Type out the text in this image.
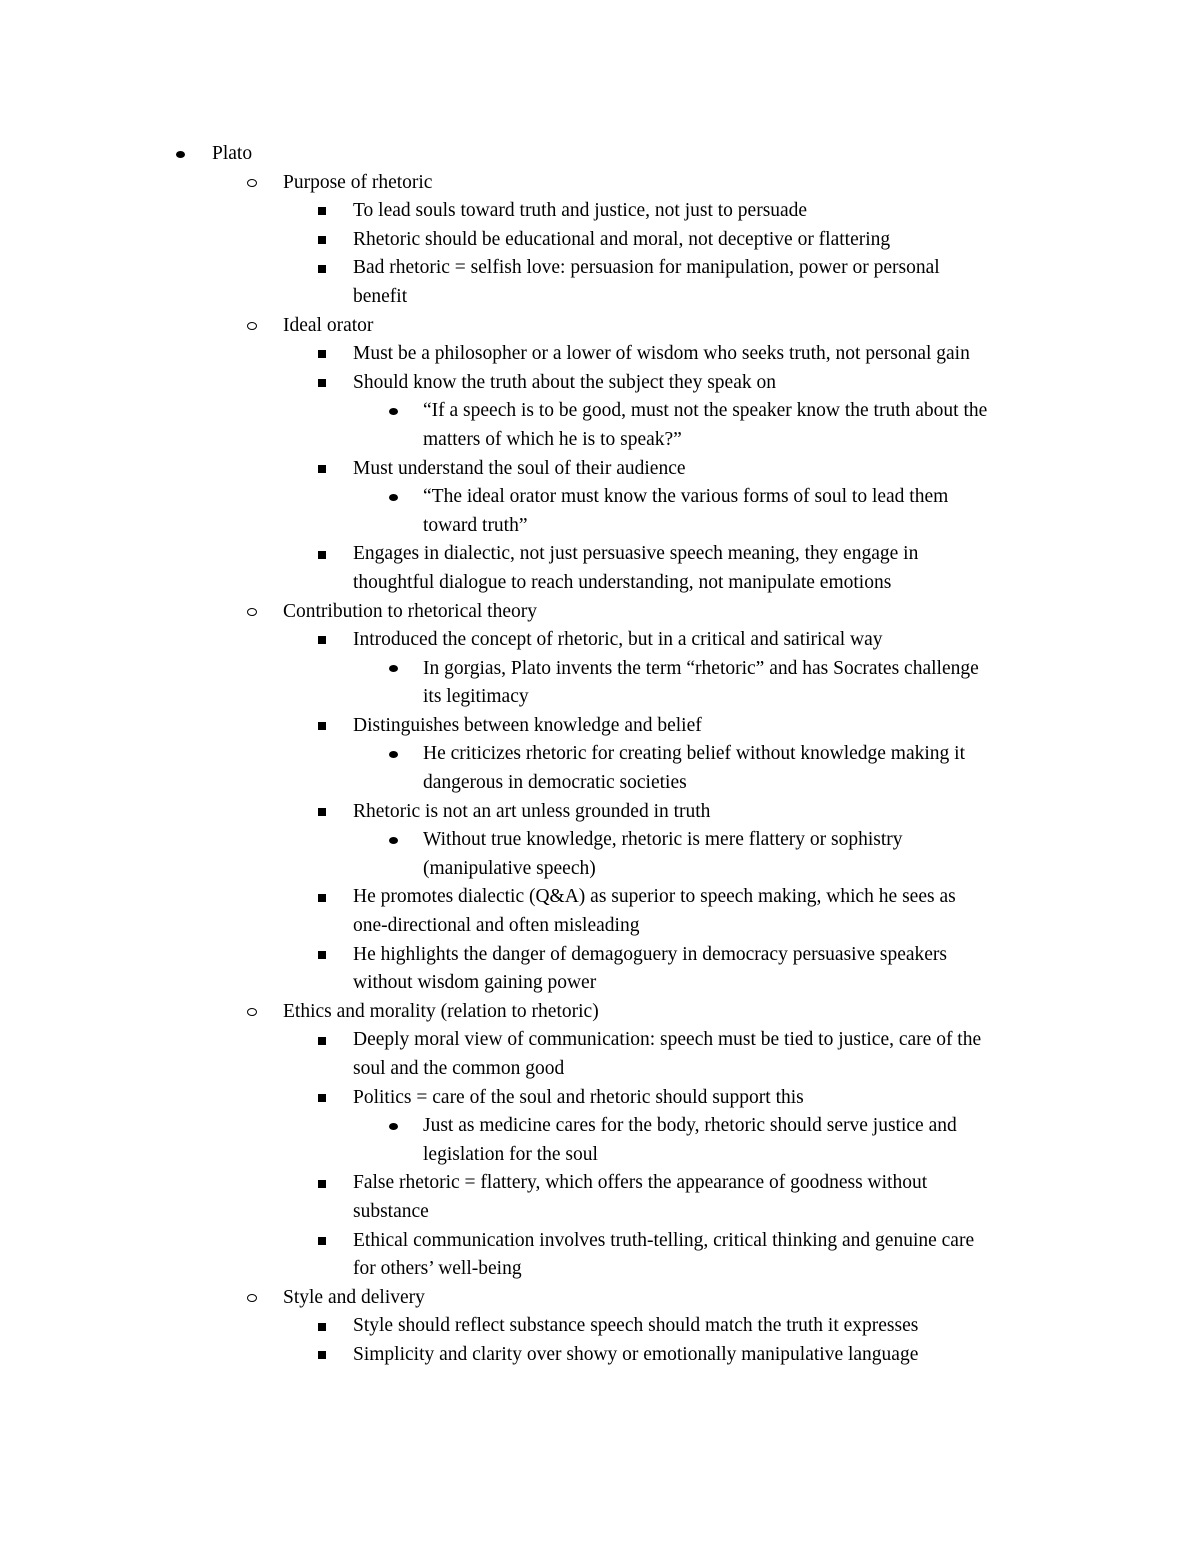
Plato
Purpose of rhetoric
To lead souls toward truth and justice, not just to persuade
Rhetoric should be educational and moral, not deceptive or flattering
Bad rhetoric = selfish love: persuasion for manipulation, power or personal
benefit
Ideal orator
Must be a philosopher or a lower of wisdom who seeks truth, not personal gain
Should know the truth about the subject they speak on
“If a speech is to be good, must not the speaker know the truth about the
matters of which he is to speak?”
Must understand the soul of their audience
“The ideal orator must know the various forms of soul to lead them
toward truth”
Engages in dialectic, not just persuasive speech meaning, they engage in
thoughtful dialogue to reach understanding, not manipulate emotions
Contribution to rhetorical theory
Introduced the concept of rhetoric, but in a critical and satirical way
In gorgias, Plato invents the term “rhetoric” and has Socrates challenge
its legitimacy
Distinguishes between knowledge and belief
He criticizes rhetoric for creating belief without knowledge making it
dangerous in democratic societies
Rhetoric is not an art unless grounded in truth
Without true knowledge, rhetoric is mere flattery or sophistry
(manipulative speech)
He promotes dialectic (Q&A) as superior to speech making, which he sees as
one-directional and often misleading
He highlights the danger of demagoguery in democracy persuasive speakers
without wisdom gaining power
Ethics and morality (relation to rhetoric)
Deeply moral view of communication: speech must be tied to justice, care of the
soul and the common good
Politics = care of the soul and rhetoric should support this
Just as medicine cares for the body, rhetoric should serve justice and
legislation for the soul
False rhetoric = flattery, which offers the appearance of goodness without
substance
Ethical communication involves truth-telling, critical thinking and genuine care
for others’ well-being
Style and delivery
Style should reflect substance speech should match the truth it expresses
Simplicity and clarity over showy or emotionally manipulative language
